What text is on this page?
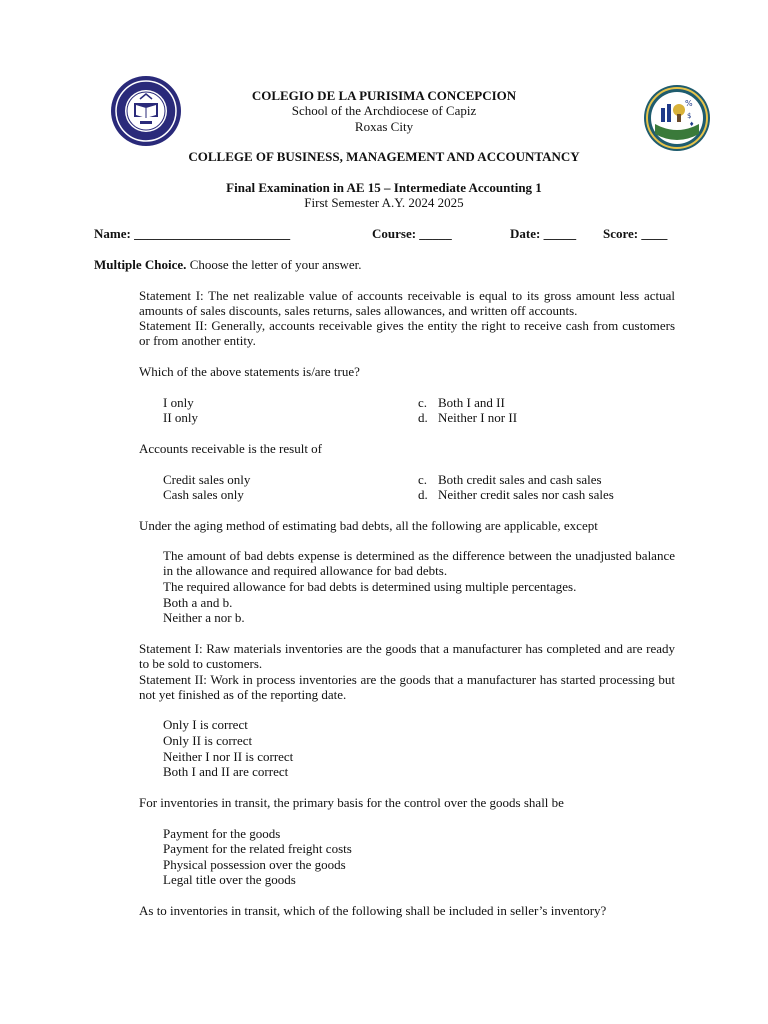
%
$
♦
COLEGIO DE LA PURISIMA CONCEPCION
School of the Archdiocese of Capiz
Roxas City
COLLEGE OF BUSINESS, MANAGEMENT AND ACCOUNTANCY
Final Examination in AE 15 – Intermediate Accounting 1
First Semester A.Y. 2024 2025
Name: ________________________	Course: _____	Date: _____ Score: ____
Multiple Choice. Choose the letter of your answer.
Statement I: The net realizable value of accounts receivable is equal to its gross amount less actual amounts of sales discounts, sales returns, sales allowances, and written off accounts.
Statement II: Generally, accounts receivable gives the entity the right to receive cash from customers or from another entity.
Which of the above statements is/are true?
I only
II only
c. Both I and II
d. Neither I nor II
Accounts receivable is the result of
Credit sales only
Cash sales only
c. Both credit sales and cash sales
d. Neither credit sales nor cash sales
Under the aging method of estimating bad debts, all the following are applicable, except
The amount of bad debts expense is determined as the difference between the unadjusted balance in the allowance and required allowance for bad debts.
The required allowance for bad debts is determined using multiple percentages.
Both a and b.
Neither a nor b.
Statement I: Raw materials inventories are the goods that a manufacturer has completed and are ready to be sold to customers.
Statement II: Work in process inventories are the goods that a manufacturer has started processing but not yet finished as of the reporting date.
Only I is correct
Only II is correct
Neither I nor II is correct
Both I and II are correct
For inventories in transit, the primary basis for the control over the goods shall be
Payment for the goods
Payment for the related freight costs
Physical possession over the goods
Legal title over the goods
As to inventories in transit, which of the following shall be included in seller’s inventory?
